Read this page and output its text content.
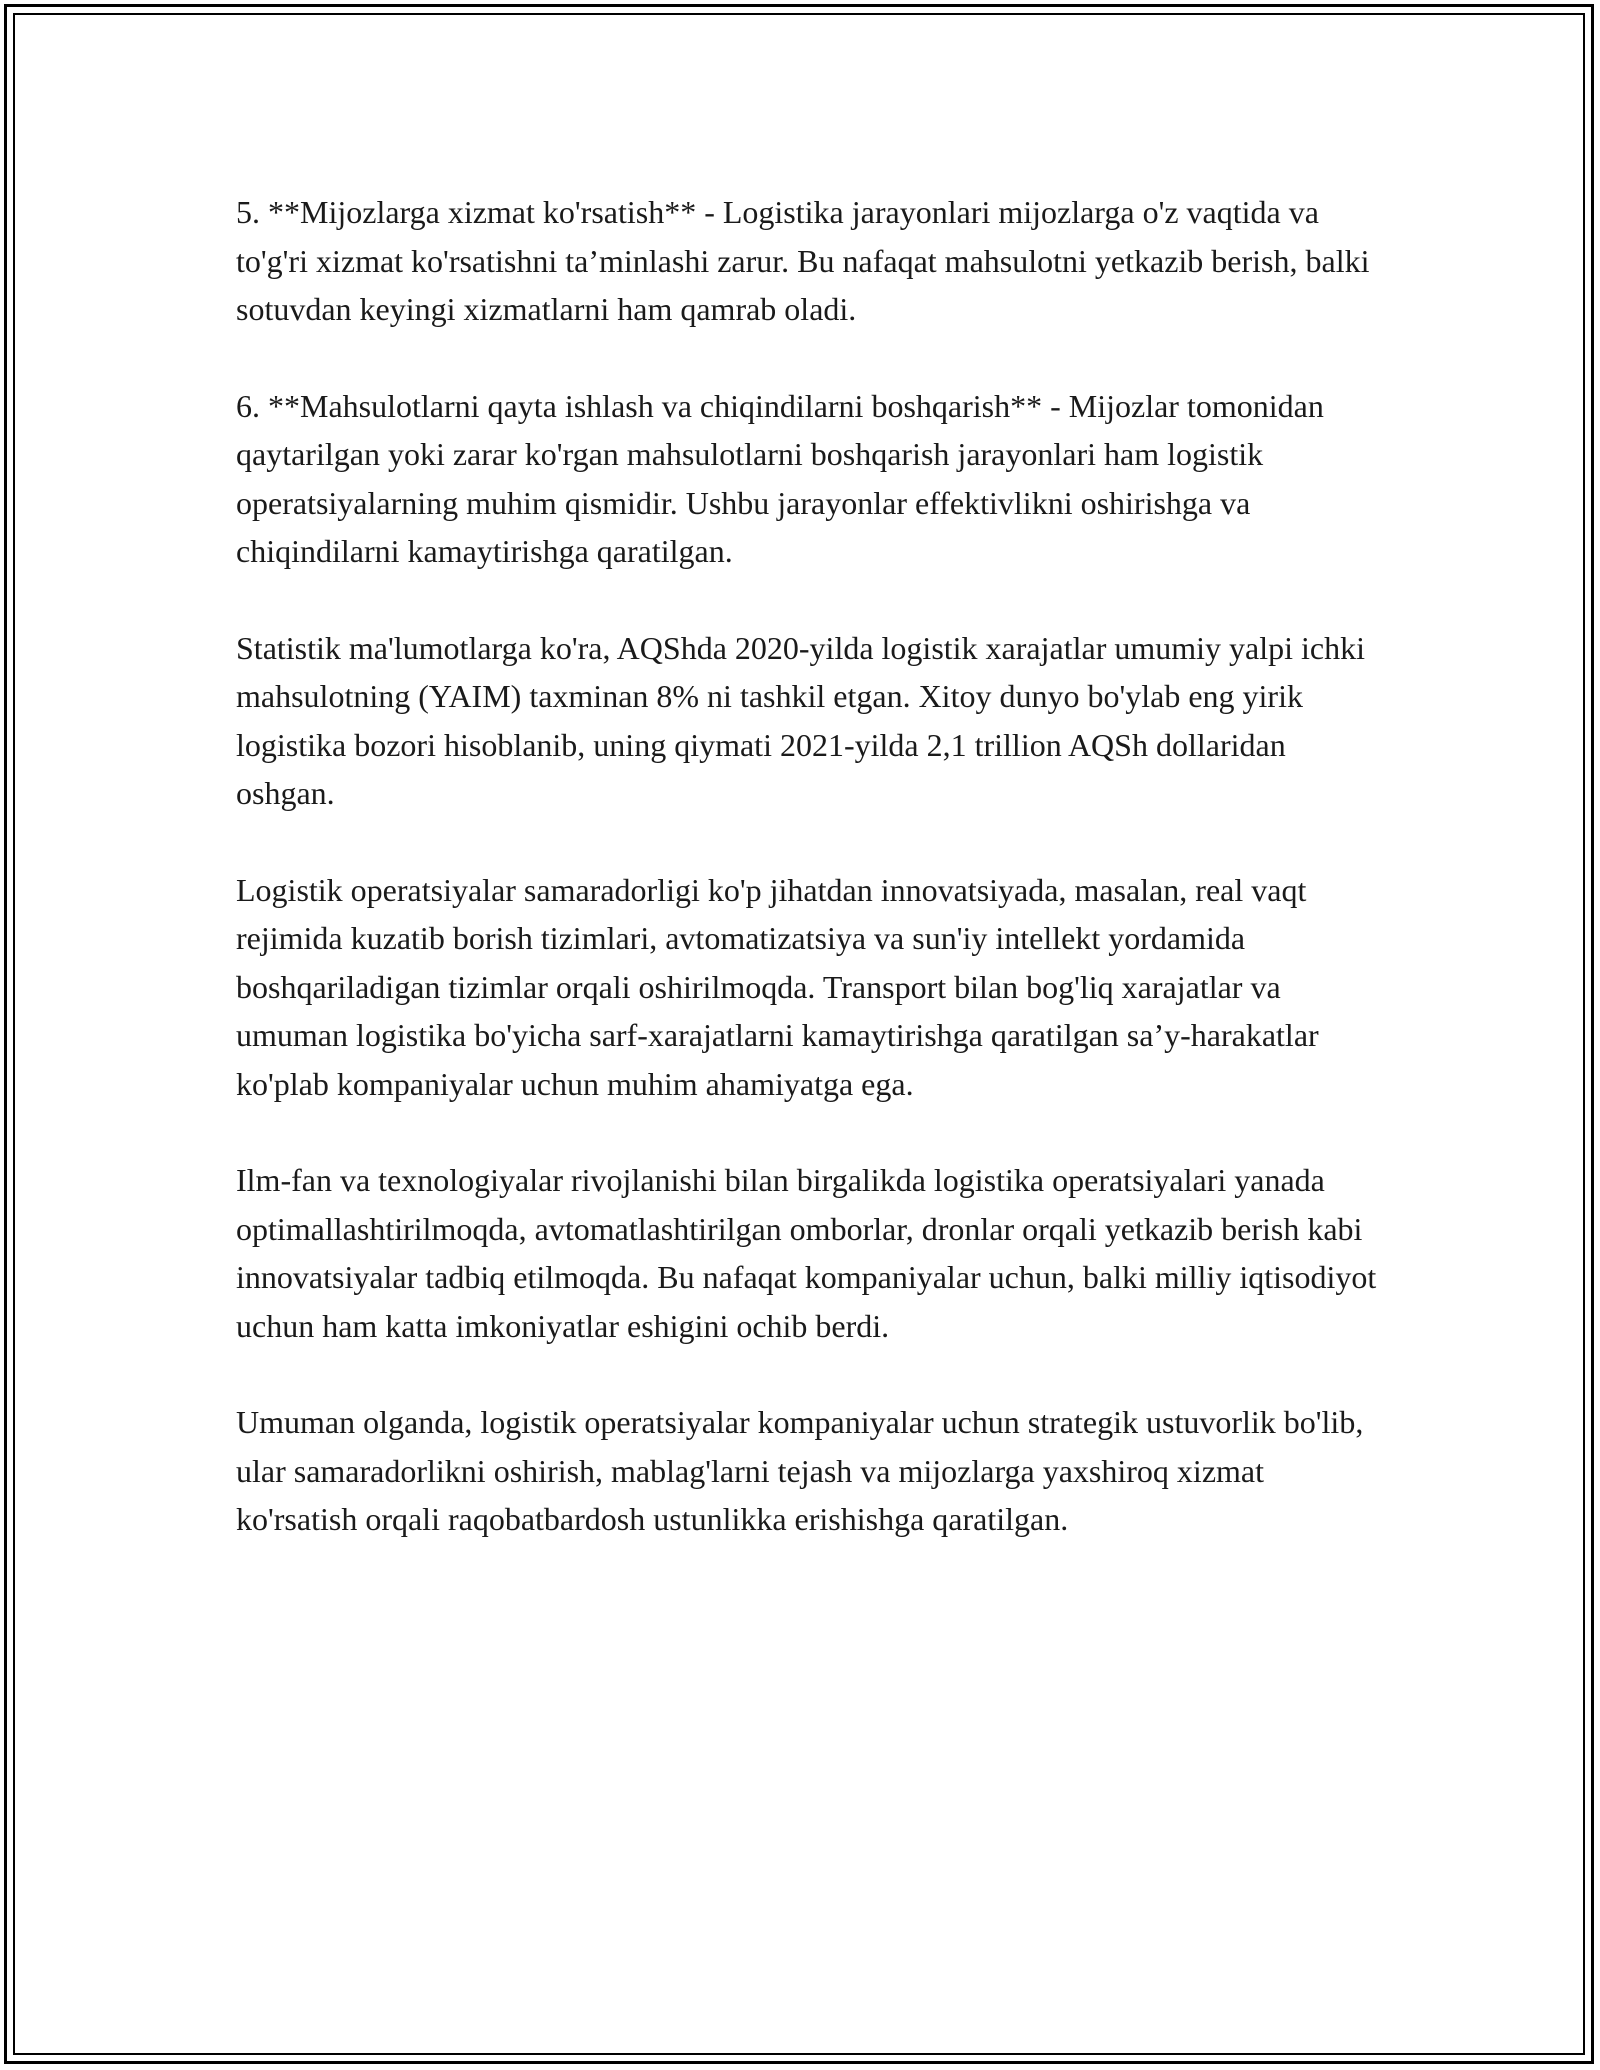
5. **Mijozlarga xizmat ko'rsatish** - Logistika jarayonlari mijozlarga o'z vaqtida va to'g'ri xizmat ko'rsatishni ta’minlashi zarur. Bu nafaqat mahsulotni yetkazib berish, balki sotuvdan keyingi xizmatlarni ham qamrab oladi.

6. **Mahsulotlarni qayta ishlash va chiqindilarni boshqarish** - Mijozlar tomonidan qaytarilgan yoki zarar ko'rgan mahsulotlarni boshqarish jarayonlari ham logistik operatsiyalarning muhim qismidir. Ushbu jarayonlar effektivlikni oshirishga va chiqindilarni kamaytirishga qaratilgan.

Statistik ma'lumotlarga ko'ra, AQShda 2020-yilda logistik xarajatlar umumiy yalpi ichki mahsulotning (YAIM) taxminan 8% ni tashkil etgan. Xitoy dunyo bo'ylab eng yirik logistika bozori hisoblanib, uning qiymati 2021-yilda 2,1 trillion AQSh dollaridan oshgan.

Logistik operatsiyalar samaradorligi ko'p jihatdan innovatsiyada, masalan, real vaqt rejimida kuzatib borish tizimlari, avtomatizatsiya va sun'iy intellekt yordamida boshqariladigan tizimlar orqali oshirilmoqda. Transport bilan bog'liq xarajatlar va umuman logistika bo'yicha sarf-xarajatlarni kamaytirishga qaratilgan sa’y-harakatlar ko'plab kompaniyalar uchun muhim ahamiyatga ega.

Ilm-fan va texnologiyalar rivojlanishi bilan birgalikda logistika operatsiyalari yanada optimallashtirilmoqda, avtomatlashtirilgan omborlar, dronlar orqali yetkazib berish kabi innovatsiyalar tadbiq etilmoqda. Bu nafaqat kompaniyalar uchun, balki milliy iqtisodiyot uchun ham katta imkoniyatlar eshigini ochib berdi.

Umuman olganda, logistik operatsiyalar kompaniyalar uchun strategik ustuvorlik bo'lib, ular samaradorlikni oshirish, mablag'larni tejash va mijozlarga yaxshiroq xizmat ko'rsatish orqali raqobatbardosh ustunlikka erishishga qaratilgan.
